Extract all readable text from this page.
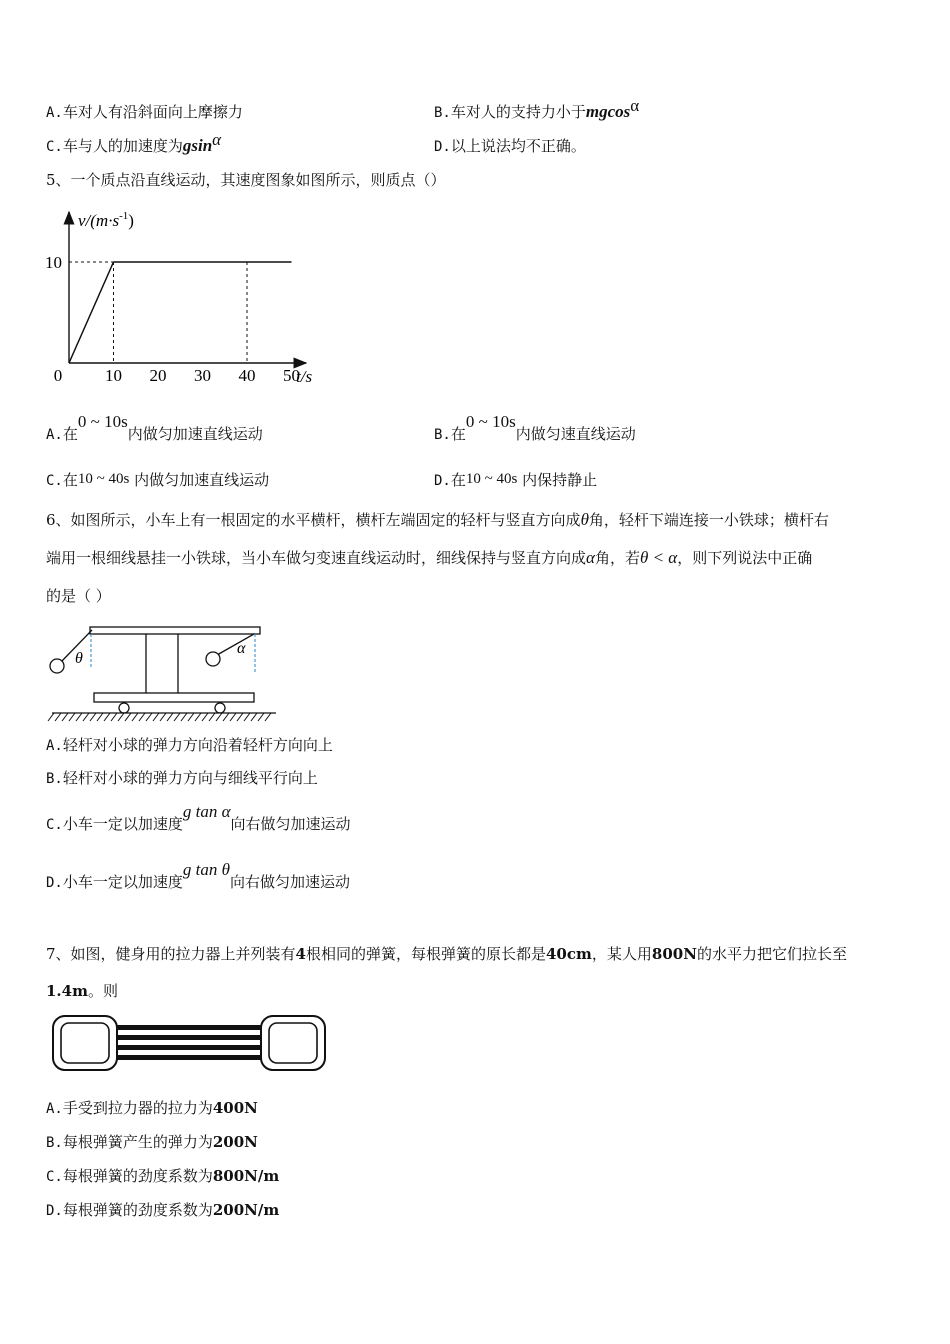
A.车对人有沿斜面向上摩擦力	B.车对人的支持力小于mgcosα
C.车与人的加速度为gsinα	D.以上说法均不正确。
5、一个质点沿直线运动，其速度图象如图所示，则质点（）
$v/(m\cdot s^{-1})$
t/s
10
0	10 20 30 40 50
A.在0 ~ 10s内做匀加速直线运动	B.在0 ~ 10s内做匀速直线运动
C.在10 ~ 40s 内做匀加速直线运动	D.在10 ~ 40s 内保持静止
6、如图所示，小车上有一根固定的水平横杆，横杆左端固定的轻杆与竖直方向成θ角，轻杆下端连接一小铁球；横杆右
端用一根细线悬挂一小铁球，当小车做匀变速直线运动时，细线保持与竖直方向成α角，若θ < α，则下列说法中正确
的是（ ）
θ
α
A.轻杆对小球的弹力方向沿着轻杆方向向上
B.轻杆对小球的弹力方向与细线平行向上
C.小车一定以加速度g tan α向右做匀加速运动
D.小车一定以加速度g tan θ向右做匀加速运动
7、如图，健身用的拉力器上并列装有4根相同的弹簧，每根弹簧的原长都是40cm，某人用800N的水平力把它们拉长至
1.4m。则
A.手受到拉力器的拉力为400N
B.每根弹簧产生的弹力为200N
C.每根弹簧的劲度系数为800N/m
D.每根弹簧的劲度系数为200N/m
